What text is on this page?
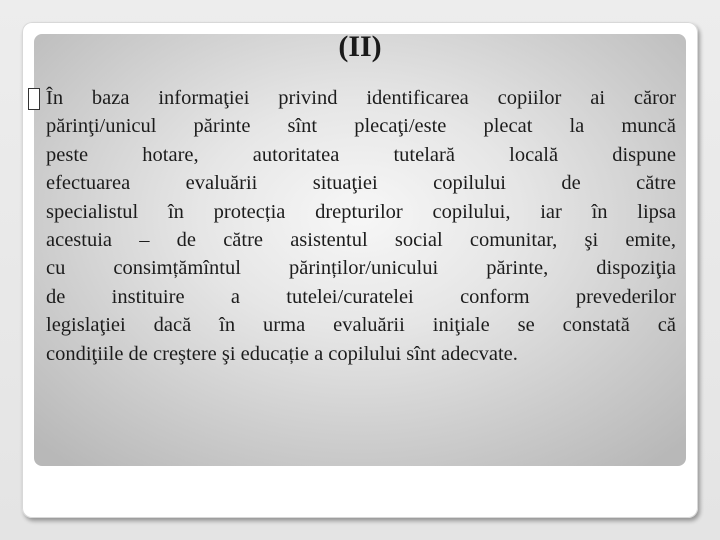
(II)
În baza informaţiei privind identificarea copiilor ai căror
părinţi/unicul părinte sînt plecaţi/este plecat la muncă
peste hotare, autoritatea tutelară locală dispune
efectuarea evaluării situaţiei copilului de către
specialistul în protecția drepturilor copilului, iar în lipsa
acestuia – de către asistentul social comunitar, şi emite,
cu consimțămîntul părinților/unicului părinte, dispoziţia
de instituire a tutelei/curatelei conform prevederilor
legislaţiei dacă în urma evaluării iniţiale se constată că
condiţiile de creştere şi educație a copilului sînt adecvate.
